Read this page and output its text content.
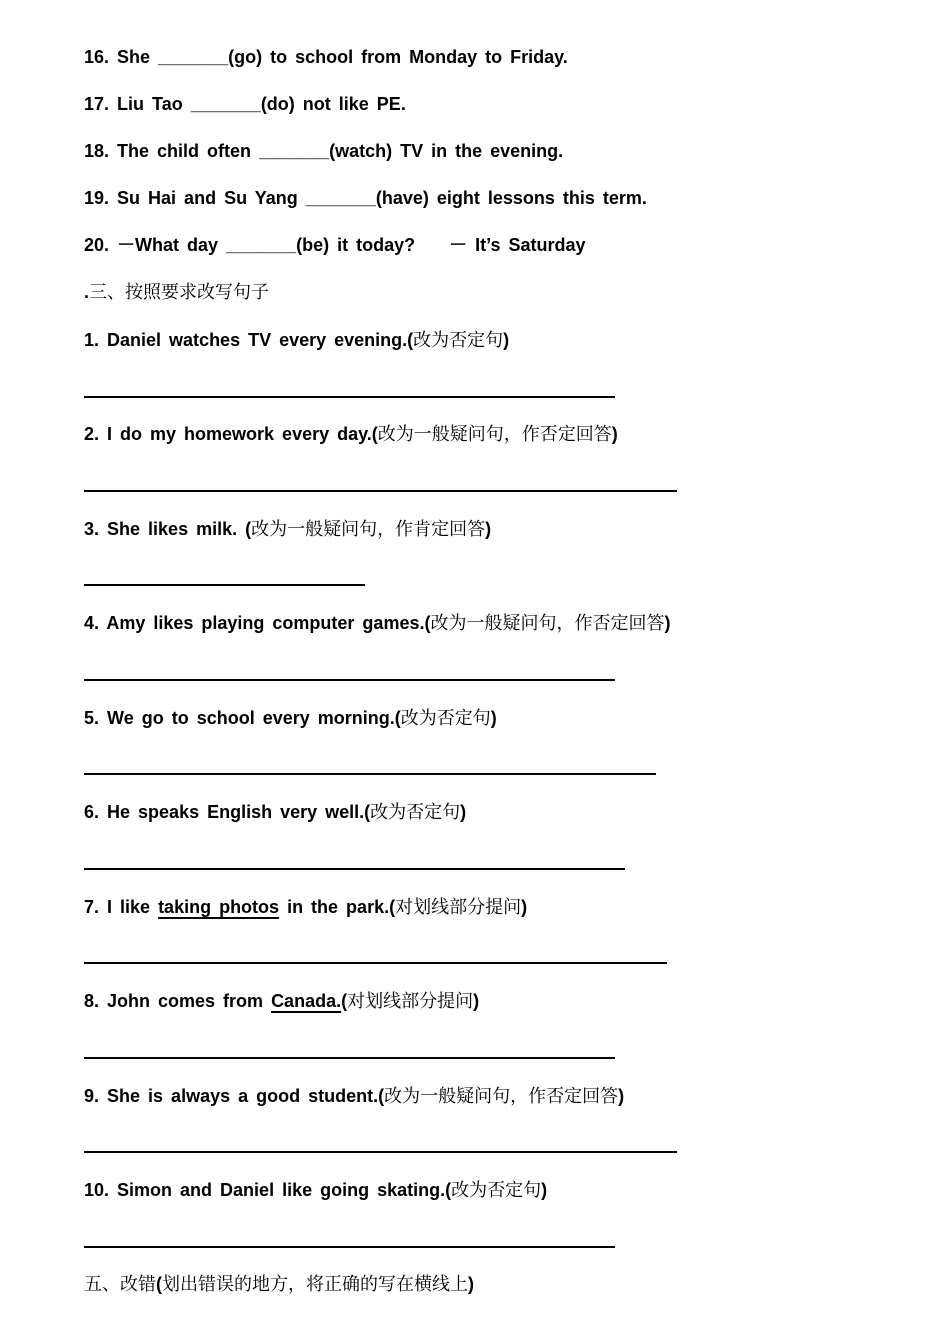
16. She _______(go) to school from Monday to Friday.
17. Liu Tao _______(do) not like PE.
18. The child often _______(watch) TV in the evening.
19. Su Hai and Su Yang _______(have) eight lessons this term.
20. －What day _______(be) it today? － It’s Saturday
.三、按照要求改写句子
1. Daniel watches TV every evening.(改为否定句)
2. I do my homework every day.(改为一般疑问句，作否定回答)
3. She likes milk. (改为一般疑问句，作肯定回答)
4. Amy likes playing computer games.(改为一般疑问句，作否定回答)
5. We go to school every morning.(改为否定句)
6. He speaks English very well.(改为否定句)
7. I like taking photos in the park.(对划线部分提问)
8. John comes from Canada.(对划线部分提问)
9. She is always a good student.(改为一般疑问句，作否定回答)
10. Simon and Daniel like going skating.(改为否定句)
五、改错(划出错误的地方，将正确的写在横线上)
